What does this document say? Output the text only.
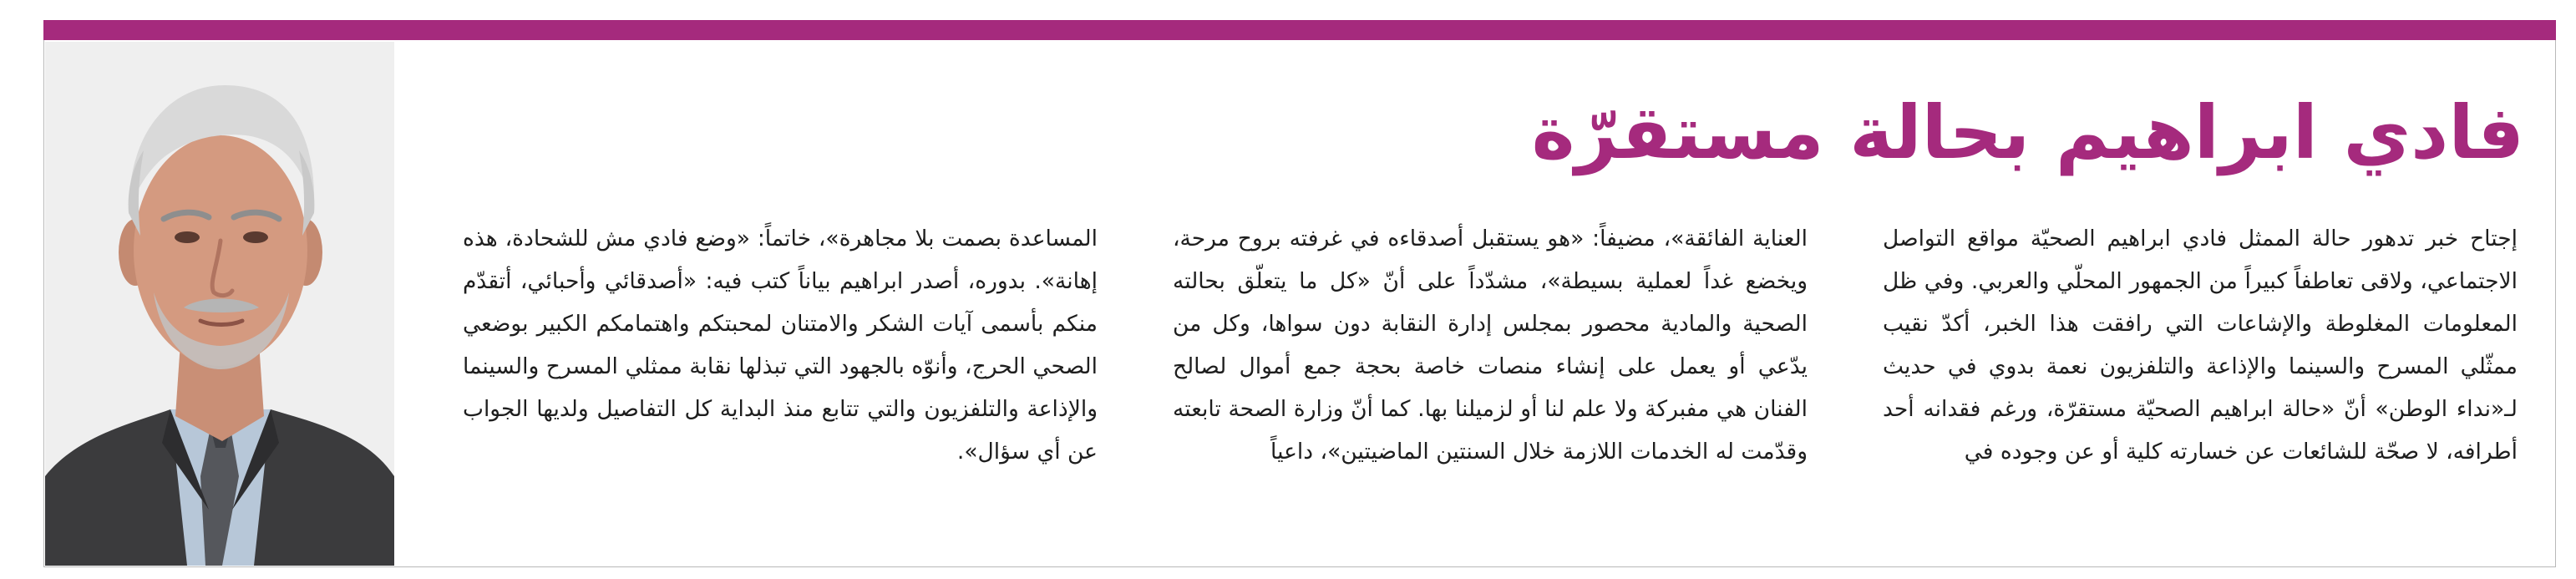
فادي ابراهيم بحالة مستقرّة

إجتاح خبر تدهور حالة الممثل فادي ابراهيم الصحيّة مواقع التواصل الاجتماعي، ولاقى تعاطفاً كبيراً من الجمهور المحلّي والعربي. وفي ظل المعلومات المغلوطة والإشاعات التي رافقت هذا الخبر، أكدّ نقيب ممثّلي المسرح والسينما والإذاعة والتلفزيون نعمة بدوي في حديث لـ«نداء الوطن» أنّ «حالة ابراهيم الصحيّة مستقرّة، ورغم فقدانه أحد أطرافه، لا صحّة للشائعات عن خسارته كلية أو عن وجوده في

العناية الفائقة»، مضيفاً: «هو يستقبل أصدقاءه في غرفته بروح مرحة، ويخضع غداً لعملية بسيطة»، مشدّداً على أنّ «كل ما يتعلّق بحالته الصحية والمادية محصور بمجلس إدارة النقابة دون سواها، وكل من يدّعي أو يعمل على إنشاء منصات خاصة بحجة جمع أموال لصالح الفنان هي مفبركة ولا علم لنا أو لزميلنا بها. كما أنّ وزارة الصحة تابعته وقدّمت له الخدمات اللازمة خلال السنتين الماضيتين»، داعياً

المساعدة بصمت بلا مجاهرة»، خاتماً: «وضع فادي مش للشحادة، هذه إهانة». بدوره، أصدر ابراهيم بياناً كتب فيه: «أصدقائي وأحبائي، أتقدّم منكم بأسمى آيات الشكر والامتنان لمحبتكم واهتمامكم الكبير بوضعي الصحي الحرج، وأنوّه بالجهود التي تبذلها نقابة ممثلي المسرح والسينما والإذاعة والتلفزيون والتي تتابع منذ البداية كل التفاصيل ولديها الجواب عن أي سؤال».
